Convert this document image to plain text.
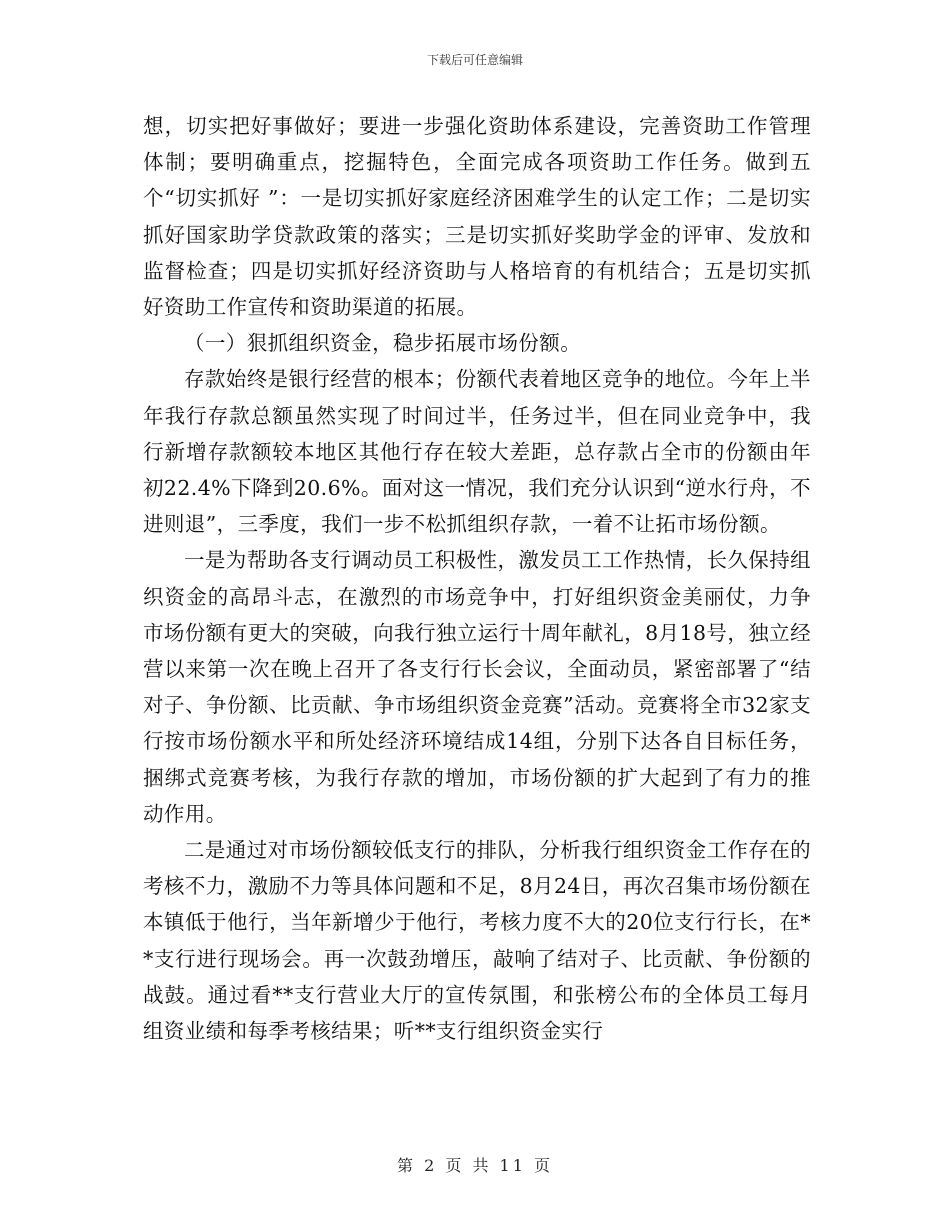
下载后可任意编辑

想，切实把好事做好；要进一步强化资助体系建设，完善资助工作管理体制；要明确重点，挖掘特色，全面完成各项资助工作任务。做到五个“切实抓好 ”：一是切实抓好家庭经济困难学生的认定工作；二是切实抓好国家助学贷款政策的落实；三是切实抓好奖助学金的评审、发放和监督检查；四是切实抓好经济资助与人格培育的有机结合；五是切实抓好资助工作宣传和资助渠道的拓展。

（一）狠抓组织资金，稳步拓展市场份额。

存款始终是银行经营的根本；份额代表着地区竞争的地位。今年上半年我行存款总额虽然实现了时间过半，任务过半，但在同业竞争中，我行新增存款额较本地区其他行存在较大差距，总存款占全市的份额由年初22.4%下降到20.6%。面对这一情况，我们充分认识到“逆水行舟，不进则退”，三季度，我们一步不松抓组织存款，一着不让拓市场份额。

一是为帮助各支行调动员工积极性，激发员工工作热情，长久保持组织资金的高昂斗志，在激烈的市场竞争中，打好组织资金美丽仗，力争市场份额有更大的突破，向我行独立运行十周年献礼，8月18号，独立经营以来第一次在晚上召开了各支行行长会议，全面动员，紧密部署了“结对子、争份额、比贡献、争市场组织资金竞赛”活动。竞赛将全市32家支行按市场份额水平和所处经济环境结成14组，分别下达各自目标任务，捆绑式竞赛考核，为我行存款的增加，市场份额的扩大起到了有力的推动作用。

二是通过对市场份额较低支行的排队，分析我行组织资金工作存在的考核不力，激励不力等具体问题和不足，8月24日，再次召集市场份额在本镇低于他行，当年新增少于他行，考核力度不大的20位支行行长，在**支行进行现场会。再一次鼓劲增压，敲响了结对子、比贡献、争份额的战鼓。通过看**支行营业大厅的宣传氛围，和张榜公布的全体员工每月组资业绩和每季考核结果；听**支行组织资金实行

第 2 页 共 11 页
